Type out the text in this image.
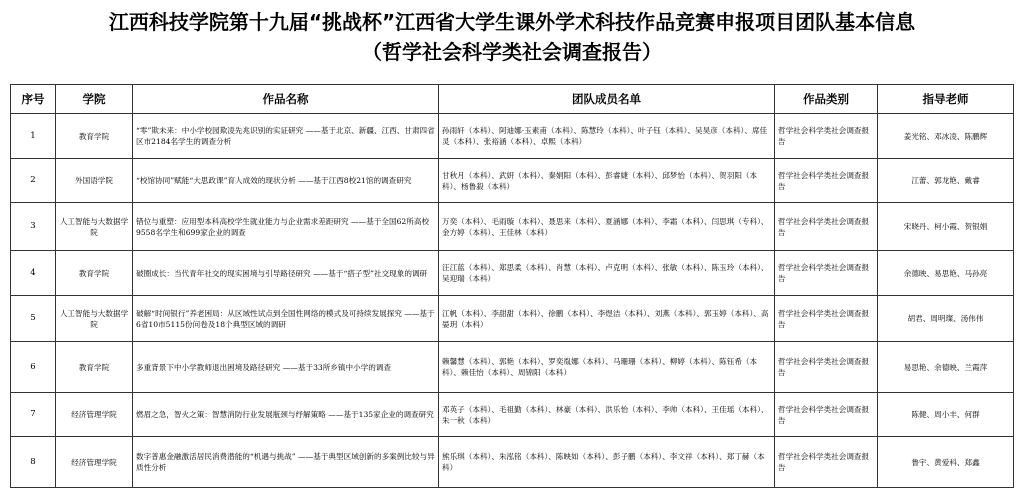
江西科技学院第十九届“挑战杯”江西省大学生课外学术科技作品竞赛申报项目团队基本信息
（哲学社会科学类社会调查报告）
序号	学院	作品名称	团队成员名单	作品类别	指导老师
1	教育学院	“零”欺未来：中小学校园欺凌先兆识别的实证研究 ——基于北京、新疆、江西、甘肃四省区市2184名学生的调查分析	孙雨轩（本科）、阿迪娜·玉素甫（本科）、陈慧玲（本科）、叶子钰（本科）、吴昊彦（本科）、席佳灵（本科）、张裕涵（本科）、卓熙（本科）	哲学社会科学类社会调查报告	姜光铭、邓冰凌、陈鹏辉
2	外国语学院	“校馆协同”赋能“大思政课”育人成效的现状分析 ——基于江西8校21馆的调查研究	甘秋月（本科）、武妍（本科）、秦娟阳（本科）、彭睿婕（本科）、邱梦怡（本科）、贺羽阳（本科）、杨鲁殺（本科）	哲学社会科学类社会调查报告	江蕾、郭龙艳、戴睿
3	人工智能与大数据学院	错位与重塑：应用型本科高校学生就业能力与企业需求差距研究 ——基于全国62所高校9558名学生和699家企业的调查	万奕（本科）、毛雨璇（本科）、聂思来（本科）、夏涵娜（本科）、李霜（本科）、闫思琪（专科）、金方婷（本科）、王佳林（本科）	哲学社会科学类社会调查报告	宋晓丹、柯小霞、贺银娟
4	教育学院	破圈成长：当代青年社交的现实困境与引导路径研究 ——基于“搭子型”社交现象的调研	汪江蓝（本科）、郑思柔（本科）、肖慧（本科）、卢克明（本科）、张敏（本科）、陈玉玲（本科）、吴迎瑞（本科）	哲学社会科学类社会调查报告	余德映、易思艳、马孙亮
5	人工智能与大数据学院	破解“时间银行”养老困局：从区域性试点到全国性网络的模式及可持续发展探究 ——基于6省10市5115份问卷及18个典型区域的调研	江帆（本科）、李甜甜（本科）、徐鹏（本科）、李煜洁（本科）、刘燕（本科）、郭玉婷（本科）、高晏玥（本科）	哲学社会科学类社会调查报告	胡君、周明璨、汤伟伟
6	教育学院	多重背景下中小学教师退出困境及路径研究 ——基于33所乡镇中小学的调查	赖馨慧（本科）、郭艳（本科）、罗奕胤娜（本科）、马珊珊（本科）、柳婷（本科）、陈钰希（本科）、赖佳怡（本科）、周锦阳（本科）	哲学社会科学类社会调查报告	易思艳、余德映、兰霞萍
7	经济管理学院	燃眉之急，智火之策：智慧消防行业发展瓶颈与纾解策略 ——基于135家企业的调查研究	邓英子（本科）、毛祖勤（本科）、林豪（本科）、洪乐怡（本科）、李帅（本科）、王佳瑶（本科）、朱一秋（本科）	哲学社会科学类社会调查报告	陈健、周小丰、何群
8	经济管理学院	数字普惠金融激活居民消费潜能的“机遇与挑战” ——基于典型区域创新的多案例比较与异质性分析	熊乐琪（本科）、朱泓铭（本科）、陈映如（本科）、彭子鹏（本科）、李文祥（本科）、郑丁赫（本科）	哲学社会科学类社会调查报告	鲁宇、黄爱科、郑鑫
